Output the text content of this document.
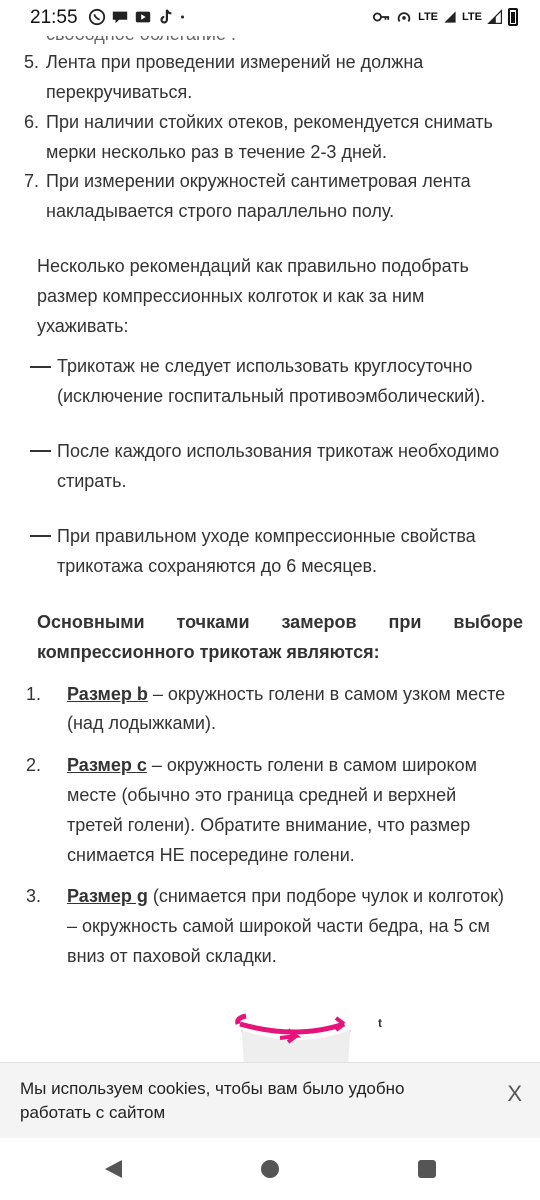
21:55	LTE LTE
5. Лента при проведении измерений не должна
перекручиваться.
6. При наличии стойких отеков, рекомендуется снимать
мерки несколько раз в течение 2-3 дней.
7. При измерении окружностей сантиметровая лента
накладывается строго параллельно полу.
Несколько рекомендаций как правильно подобрать
размер компрессионных колготок и как за ним
ухаживать:
Трикотаж не следует использовать круглосуточно
(исключение госпитальный противоэмболический).
После каждого использования трикотаж необходимо
стирать.
При правильном уходе компрессионные свойства
трикотажа сохраняются до 6 месяцев.
Основными точками замеров при выборе
компрессионного трикотаж являются:
1. Размер b – окружность голени в самом узком месте
(над лодыжками).
2. Размер c – окружность голени в самом широком
месте (обычно это граница средней и верхней
третей голени). Обратите внимание, что размер
снимается НЕ посередине голени.
3. Размер g (снимается при подборе чулок и колготок)
– окружность самой широкой части бедра, на 5 см
вниз от паховой складки.
t
Мы используем cookies, чтобы вам было удобно
работать с сайтом
X
